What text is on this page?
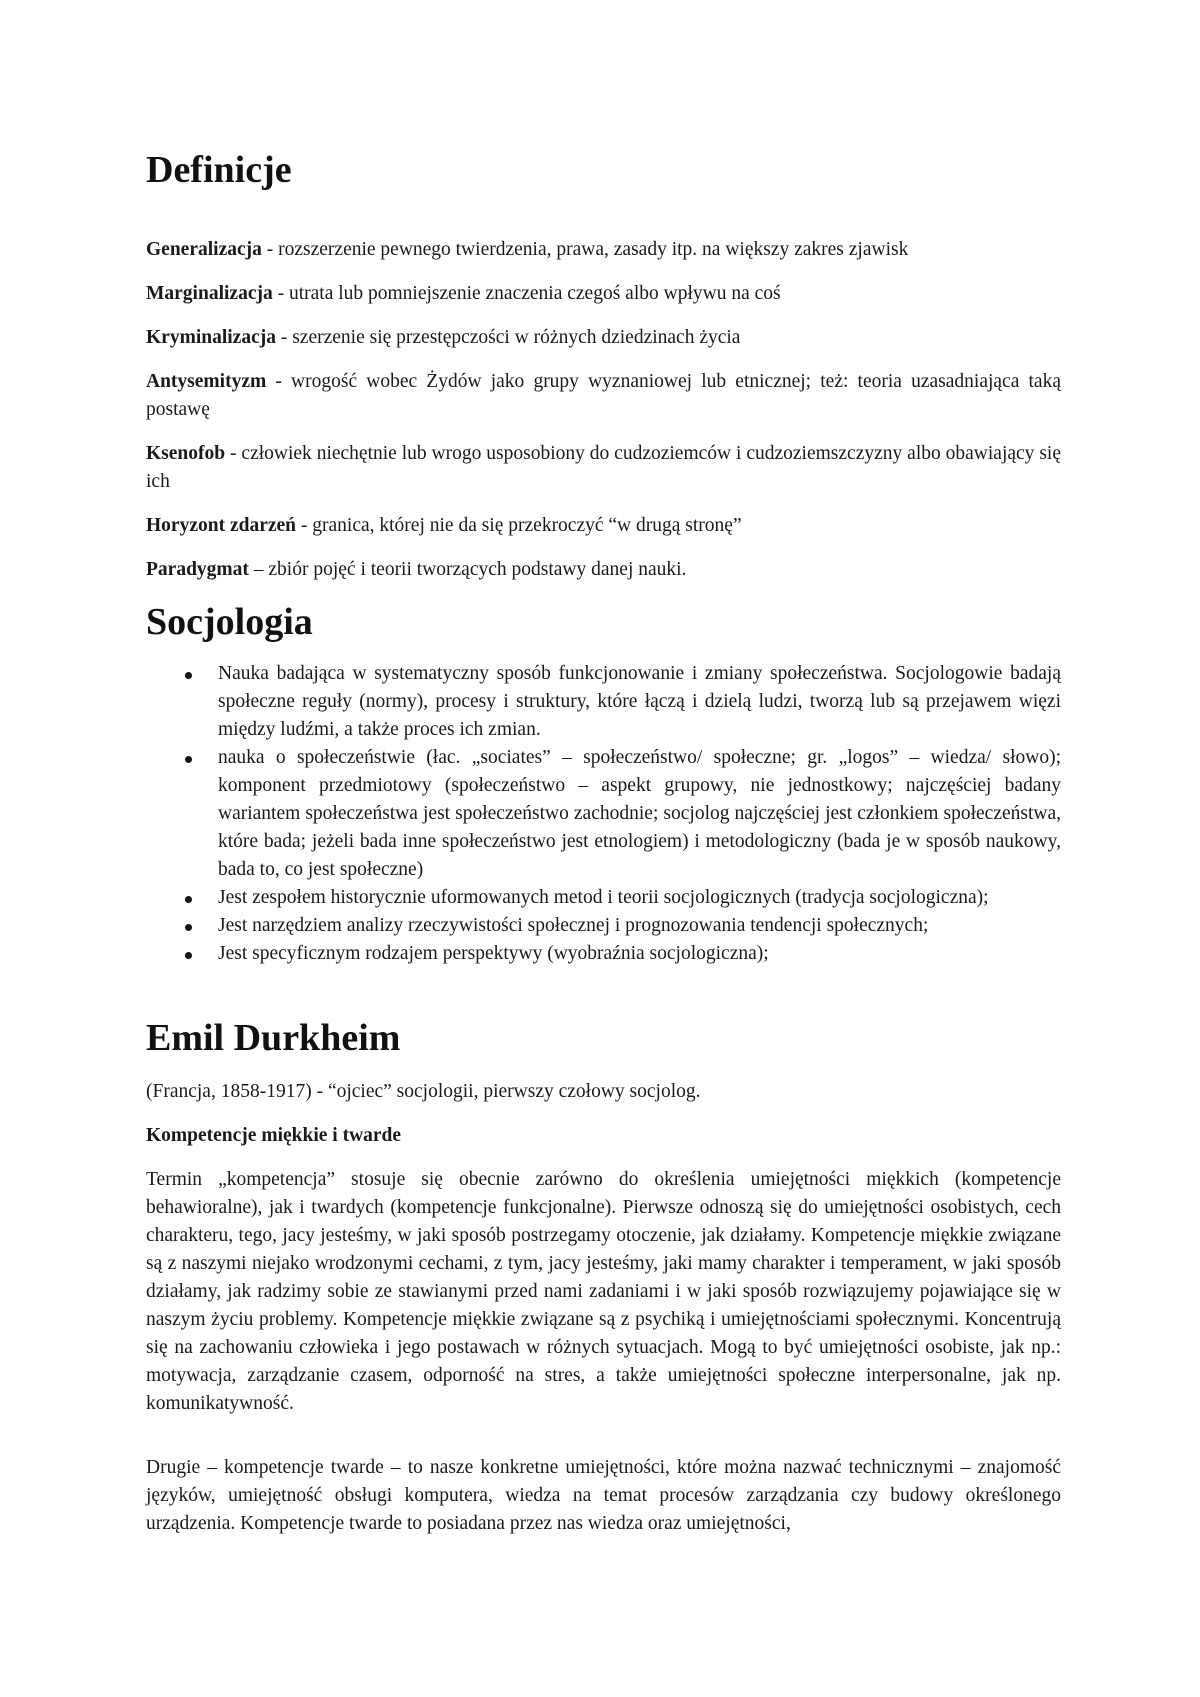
Definicje

Generalizacja - rozszerzenie pewnego twierdzenia, prawa, zasady itp. na większy zakres zjawisk

Marginalizacja - utrata lub pomniejszenie znaczenia czegoś albo wpływu na coś

Kryminalizacja - szerzenie się przestępczości w różnych dziedzinach życia

Antysemityzm - wrogość wobec Żydów jako grupy wyznaniowej lub etnicznej; też: teoria uzasadniająca taką postawę

Ksenofob - człowiek niechętnie lub wrogo usposobiony do cudzoziemców i cudzoziemszczyzny albo obawiający się ich

Horyzont zdarzeń - granica, której nie da się przekroczyć “w drugą stronę”

Paradygmat – zbiór pojęć i teorii tworzących podstawy danej nauki.

Socjologia
Nauka badająca w systematyczny sposób funkcjonowanie i zmiany społeczeństwa. Socjologowie badają społeczne reguły (normy), procesy i struktury, które łączą i dzielą ludzi, tworzą lub są przejawem więzi między ludźmi, a także proces ich zmian.
nauka o społeczeństwie (łac. „sociates” – społeczeństwo/ społeczne; gr. „logos” – wiedza/ słowo); komponent przedmiotowy (społeczeństwo – aspekt grupowy, nie jednostkowy; najczęściej badany wariantem społeczeństwa jest społeczeństwo zachodnie; socjolog najczęściej jest członkiem społeczeństwa, które bada; jeżeli bada inne społeczeństwo jest etnologiem) i metodologiczny (bada je w sposób naukowy, bada to, co jest społeczne)
Jest zespołem historycznie uformowanych metod i teorii socjologicznych (tradycja socjologiczna);
Jest narzędziem analizy rzeczywistości społecznej i prognozowania tendencji społecznych;
Jest specyficznym rodzajem perspektywy (wyobraźnia socjologiczna);
Emil Durkheim

(Francja, 1858-1917) - “ojciec” socjologii, pierwszy czołowy socjolog.

Kompetencje miękkie i twarde

Termin „kompetencja” stosuje się obecnie zarówno do określenia umiejętności miękkich (kompetencje behawioralne), jak i twardych (kompetencje funkcjonalne). Pierwsze odnoszą się do umiejętności osobistych, cech charakteru, tego, jacy jesteśmy, w jaki sposób postrzegamy otoczenie, jak działamy. Kompetencje miękkie związane są z naszymi niejako wrodzonymi cechami, z tym, jacy jesteśmy, jaki mamy charakter i temperament, w jaki sposób działamy, jak radzimy sobie ze stawianymi przed nami zadaniami i w jaki sposób rozwiązujemy pojawiające się w naszym życiu problemy. Kompetencje miękkie związane są z psychiką i umiejętnościami społecznymi. Koncentrują się na zachowaniu człowieka i jego postawach w różnych sytuacjach. Mogą to być umiejętności osobiste, jak np.: motywacja, zarządzanie czasem, odporność na stres, a także umiejętności społeczne interpersonalne, jak np. komunikatywność.

Drugie – kompetencje twarde – to nasze konkretne umiejętności, które można nazwać technicznymi – znajomość języków, umiejętność obsługi komputera, wiedza na temat procesów zarządzania czy budowy określonego urządzenia. Kompetencje twarde to posiadana przez nas wiedza oraz umiejętności,
